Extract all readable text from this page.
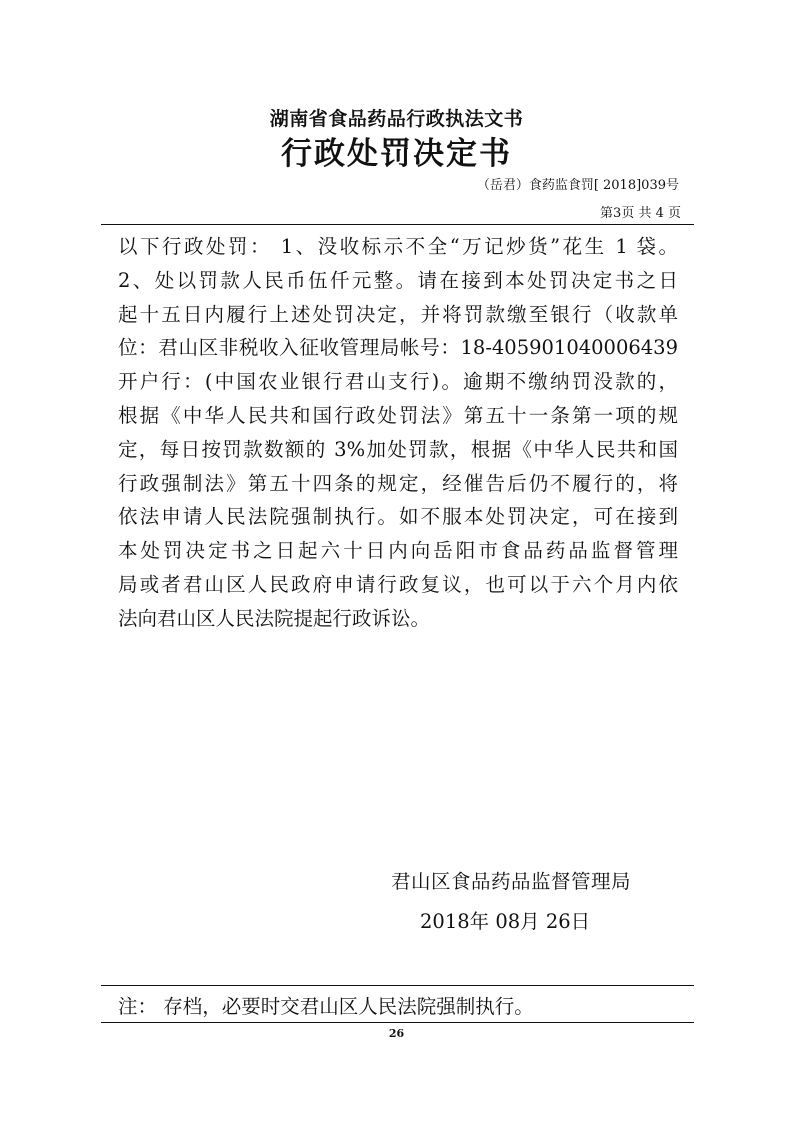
湖南省食品药品行政执法文书
行政处罚决定书
（岳君）食药监食罚[ 2018]039号
第3页 共 4 页
以下行政处罚： 1、没收标示不全“万记炒货”花生 1 袋。
2、处以罚款人民币伍仟元整。请在接到本处罚决定书之日
起十五日内履行上述处罚决定，并将罚款缴至银行（收款单
位：君山区非税收入征收管理局帐号：18-405901040006439
开户行：(中国农业银行君山支行)。逾期不缴纳罚没款的，
根据《中华人民共和国行政处罚法》第五十一条第一项的规
定，每日按罚款数额的 3%加处罚款，根据《中华人民共和国
行政强制法》第五十四条的规定，经催告后仍不履行的，将
依法申请人民法院强制执行。如不服本处罚决定，可在接到
本处罚决定书之日起六十日内向岳阳市食品药品监督管理
局或者君山区人民政府申请行政复议，也可以于六个月内依
法向君山区人民法院提起行政诉讼。
君山区食品药品监督管理局
2018年 08月 26日
注： 存档，必要时交君山区人民法院强制执行。
26
